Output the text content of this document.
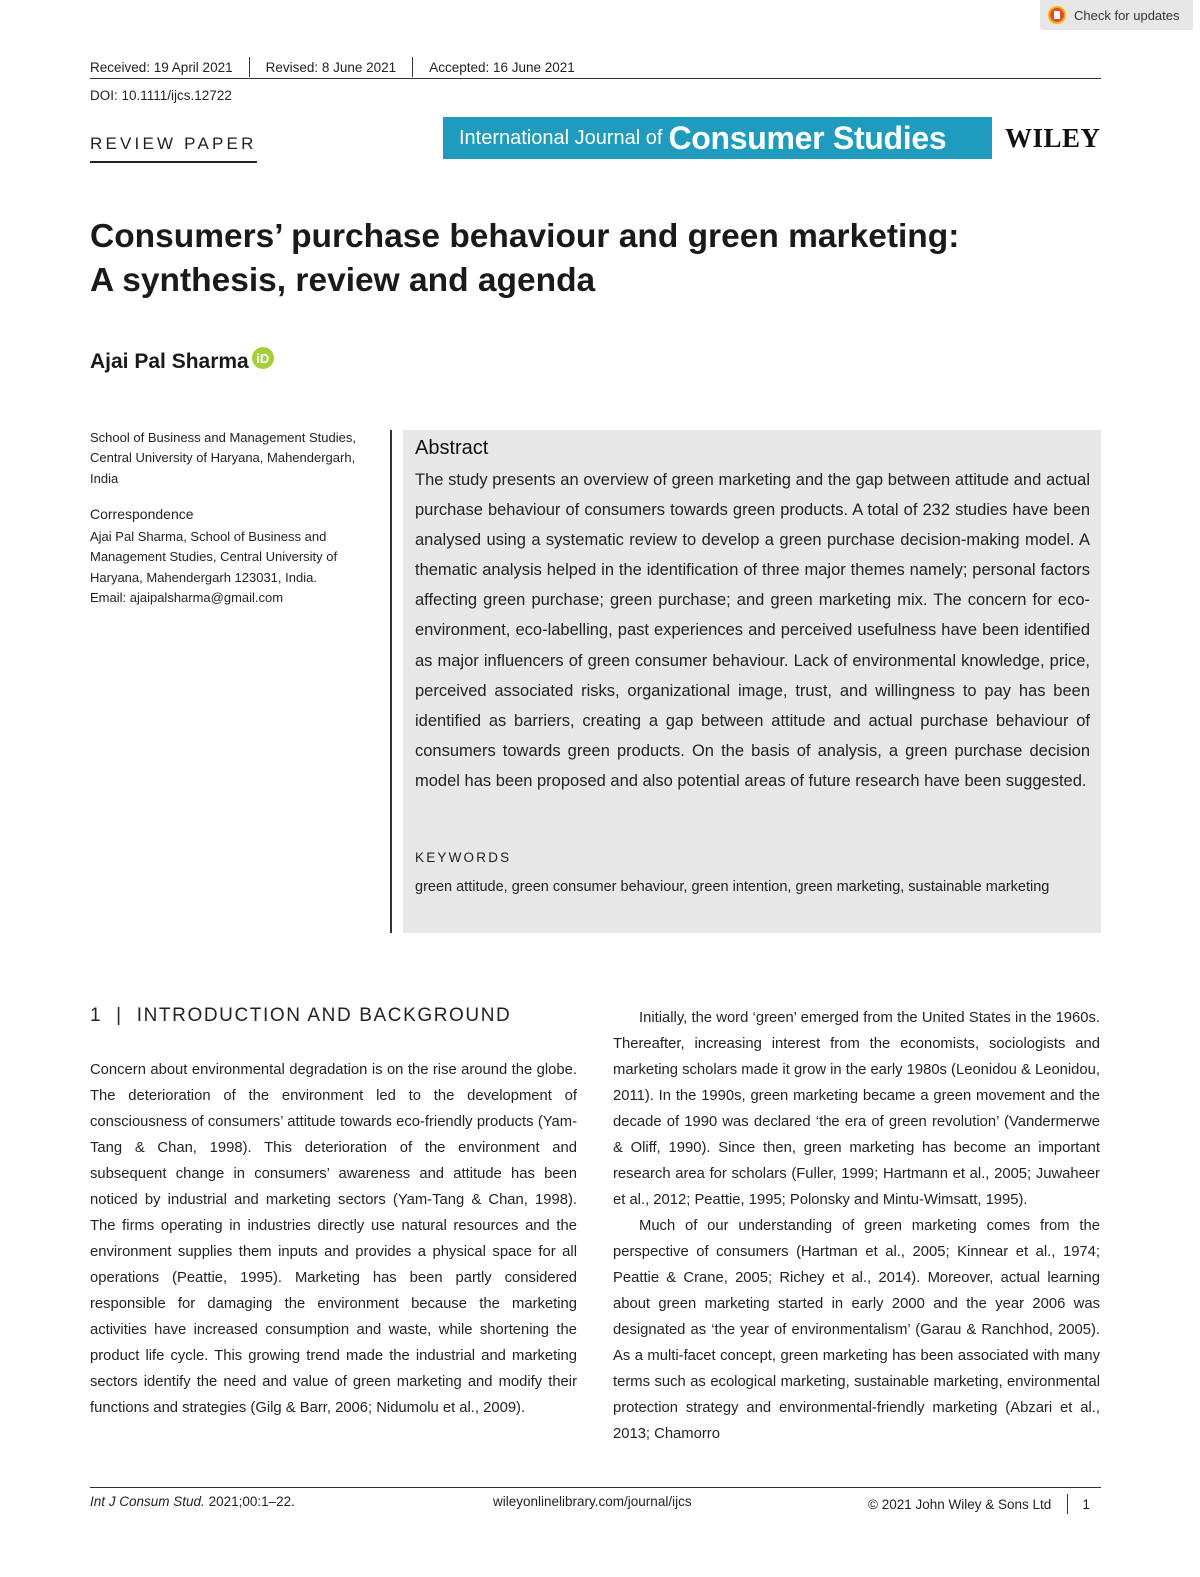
Check for updates
Received: 19 April 2021 Revised: 8 June 2021 Accepted: 16 June 2021
DOI: 10.1111/ijcs.12722
REVIEW PAPER	International Journal of Consumer Studies WILEY
Consumers’ purchase behaviour and green marketing:
A synthesis, review and agenda
Ajai Pal Sharma iD
School of Business and Management Studies, Central University of Haryana, Mahendergarh, India
Correspondence
Ajai Pal Sharma, School of Business and Management Studies, Central University of Haryana, Mahendergarh 123031, India.
Email: ajaipalsharma@gmail.com
Abstract
The study presents an overview of green marketing and the gap between attitude and actual purchase behaviour of consumers towards green products. A total of 232 studies have been analysed using a systematic review to develop a green purchase decision-making model. A thematic analysis helped in the identification of three major themes namely; personal factors affecting green purchase; green purchase; and green marketing mix. The concern for eco-environment, eco-labelling, past experiences and perceived usefulness have been identified as major influencers of green consumer behaviour. Lack of environmental knowledge, price, perceived associated risks, organizational image, trust, and willingness to pay has been identified as barriers, creating a gap between attitude and actual purchase behaviour of consumers towards green products. On the basis of analysis, a green purchase decision model has been proposed and also potential areas of future research have been suggested.
KEYWORDS
green attitude, green consumer behaviour, green intention, green marketing, sustainable marketing
1 | INTRODUCTION AND BACKGROUND

Concern about environmental degradation is on the rise around the globe. The deterioration of the environment led to the development of consciousness of consumers’ attitude towards eco-friendly products (Yam-Tang & Chan, 1998). This deterioration of the environment and subsequent change in consumers’ awareness and attitude has been noticed by industrial and marketing sectors (Yam-Tang & Chan, 1998). The firms operating in industries directly use natural resources and the environment supplies them inputs and provides a physical space for all operations (Peattie, 1995). Marketing has been partly considered responsible for damaging the environment because the marketing activities have increased consumption and waste, while shortening the product life cycle. This growing trend made the industrial and marketing sectors identify the need and value of green marketing and modify their functions and strategies (Gilg & Barr, 2006; Nidumolu et al., 2009).

Initially, the word ‘green’ emerged from the United States in the 1960s. Thereafter, increasing interest from the economists, sociologists and marketing scholars made it grow in the early 1980s (Leonidou & Leonidou, 2011). In the 1990s, green marketing became a green movement and the decade of 1990 was declared ‘the era of green revolution’ (Vandermerwe & Oliff, 1990). Since then, green marketing has become an important research area for scholars (Fuller, 1999; Hartmann et al., 2005; Juwaheer et al., 2012; Peattie, 1995; Polonsky and Mintu-Wimsatt, 1995).

Much of our understanding of green marketing comes from the perspective of consumers (Hartman et al., 2005; Kinnear et al., 1974; Peattie & Crane, 2005; Richey et al., 2014). Moreover, actual learning about green marketing started in early 2000 and the year 2006 was designated as ‘the year of environmentalism’ (Garau & Ranchhod, 2005). As a multi-facet concept, green marketing has been associated with many terms such as ecological marketing, sustainable marketing, environmental protection strategy and environmental-friendly marketing (Abzari et al., 2013; Chamorro

Int J Consum Stud. 2021;00:1–22.	wileyonlinelibrary.com/journal/ijcs	© 2021 John Wiley & Sons Ltd 1
